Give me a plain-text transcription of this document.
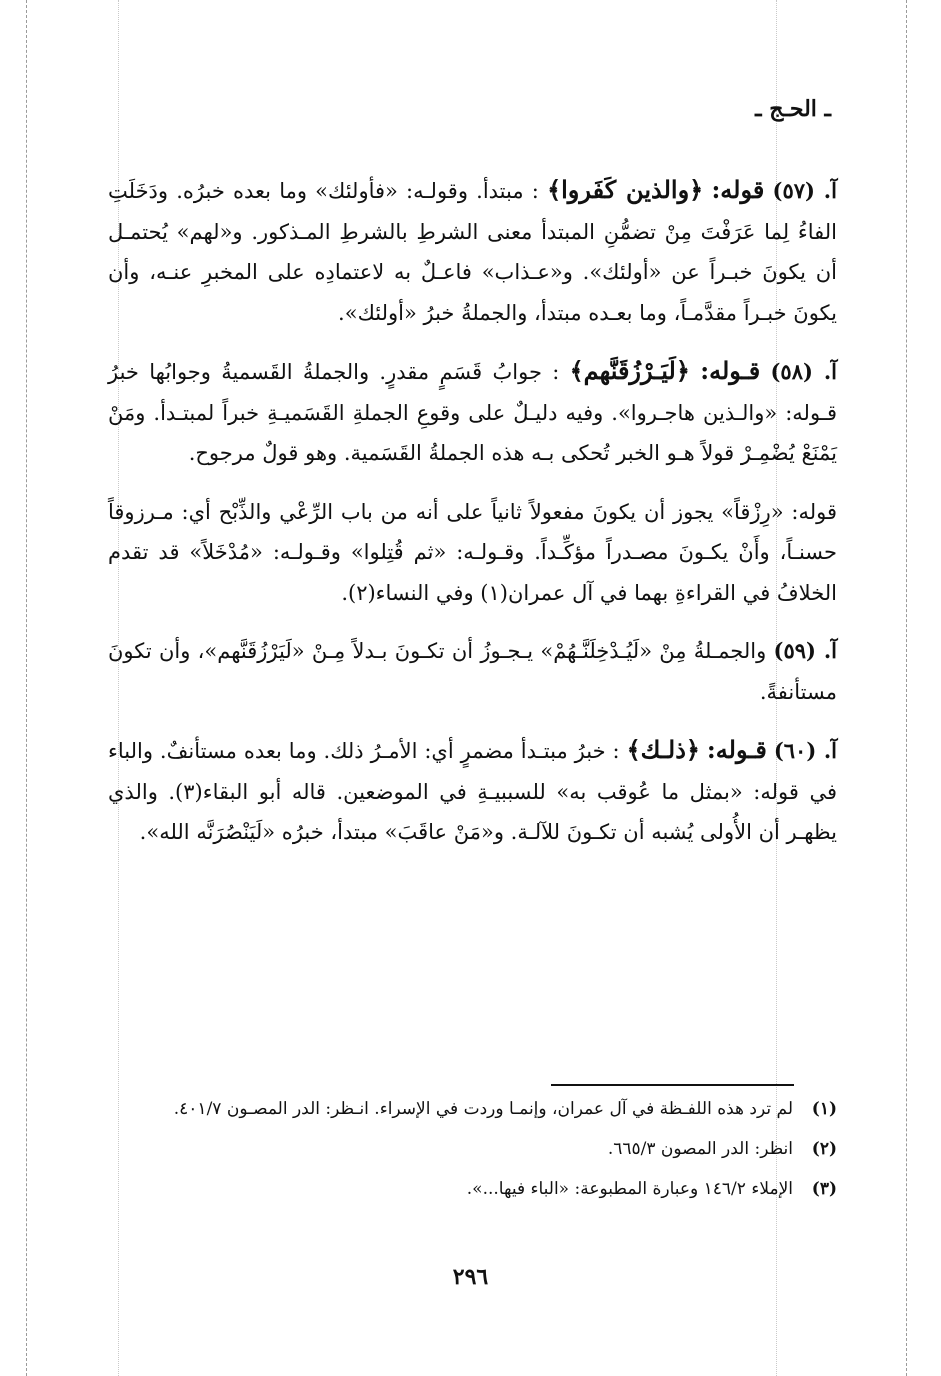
ـ الحـج ـ

آ. (٥٧) قوله: ﴿والذين كَفَروا﴾ : مبتدأ. وقولـه: «فأولئك» وما بعده خبرُه. ودَخَلَتِ الفاءُ لِما عَرَفْتَ مِنْ تضمُّنِ المبتدأ معنى الشرطِ بالشرطِ المـذكور. و«لهم» يُحتمـل أن يكونَ خبـراً عن «أولئك». و«عـذاب» فاعـلٌ به لاعتمادِه على المخبرِ عنـه، وأن يكونَ خبـراً مقدَّمـاً، وما بعـده مبتدأ، والجملةُ خبرُ «أولئك».

آ. (٥٨) قـوله: ﴿لَيَـرْزُقَنَّهم﴾ : جوابُ قَسَمٍ مقدرٍ. والجملةُ القَسميةُ وجوابُها خبرُ قـوله: «والـذين هاجـروا». وفيه دليـلٌ على وقوعِ الجملةِ القَسَميـةِ خبراً لمبتـدأ. ومَنْ يَمْنَعْ يُضْمِـرْ قولاً هـو الخبر تُحكى بـه هذه الجملةُ القَسَمية. وهو قولٌ مرجوح.

قوله: «رِزْقاً» يجوز أن يكونَ مفعولاً ثانياً على أنه من باب الرِّعْي والذِّبْح أي: مـرزوقاً حسنـاً، وأَنْ يكـونَ مصـدراً مؤكِّـداً. وقـولـه: «ثم قُتِلوا» وقـولـه: «مُدْخَلاً» قد تقدم الخلافُ في القراءةِ بهما في آل عمران(١) وفي النساء(٢).

آ. (٥٩) والجمـلةُ مِنْ «لَيُـدْخِلَنَّـهُمْ» يـجـوزُ أن تكـونَ بـدلاً مِـنْ «لَيَرْزُقَنَّهم»، وأن تكونَ مستأنفةً.

آ. (٦٠) قـوله: ﴿ذلـك﴾ : خبرُ مبتـدأ مضمرٍ أي: الأمـرُ ذلك. وما بعده مستأنفٌ. والباء في قوله: «بمثل ما عُوقب به» للسببيـةِ في الموضعين. قاله أبو البقاء(٣). والذي يظهـر أن الأُولى يُشبه أن تكـونَ للآلـة. و«مَنْ عاقَبَ» مبتدأ، خبرُه «لَيَنْصُرَنَّه الله».

(١)
لم ترد هذه اللفـظة في آل عمران، وإنمـا وردت في الإسراء. انـظر: الدر المصـون ٤٠١/٧.
(٢)
انظر: الدر المصون ٦٦٥/٣.
(٣)
الإملاء ١٤٦/٢ وعبارة المطبوعة: «الباء فيها...».
٢٩٦
